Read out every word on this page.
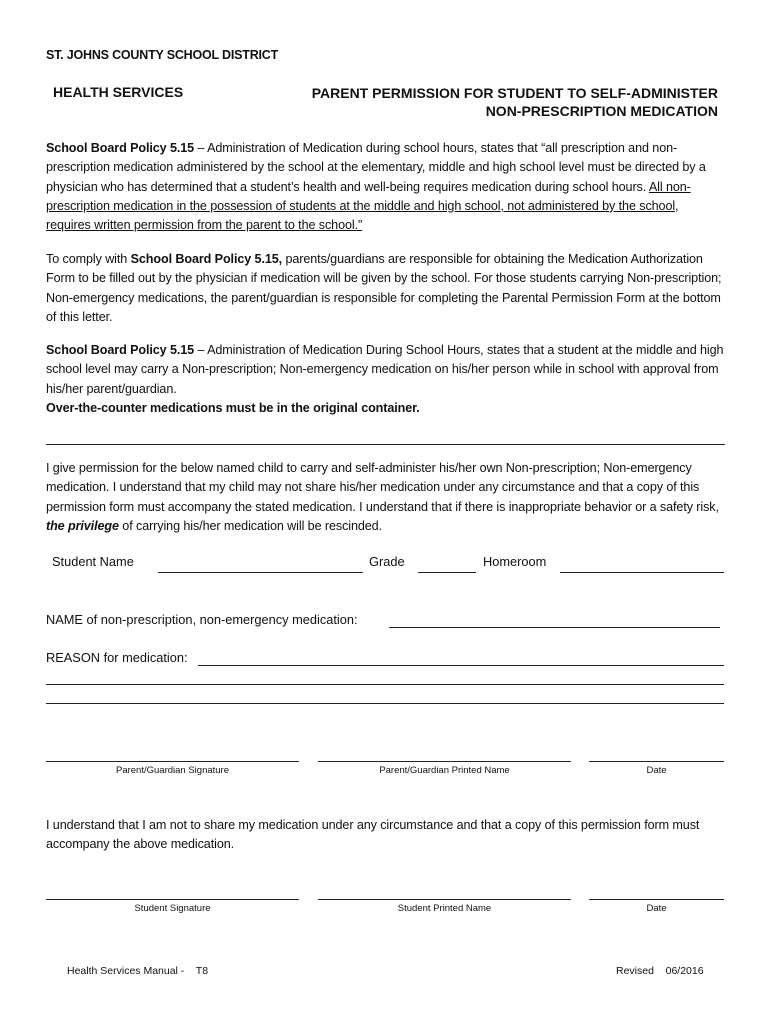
ST. JOHNS COUNTY SCHOOL DISTRICT
HEALTH SERVICES	PARENT PERMISSION FOR STUDENT TO SELF-ADMINISTER
NON-PRESCRIPTION MEDICATION
School Board Policy 5.15 – Administration of Medication during school hours, states that “all prescription and non-prescription medication administered by the school at the elementary, middle and high school level must be directed by a physician who has determined that a student’s health and well-being requires medication during school hours. All non-prescription medication in the possession of students at the middle and high school, not administered by the school, requires written permission from the parent to the school.”
To comply with School Board Policy 5.15, parents/guardians are responsible for obtaining the Medication Authorization Form to be filled out by the physician if medication will be given by the school. For those students carrying Non-prescription; Non-emergency medications, the parent/guardian is responsible for completing the Parental Permission Form at the bottom of this letter.
School Board Policy 5.15 – Administration of Medication During School Hours, states that a student at the middle and high school level may carry a Non-prescription; Non-emergency medication on his/her person while in school with approval from his/her parent/guardian.
Over-the-counter medications must be in the original container.
I give permission for the below named child to carry and self-administer his/her own Non-prescription; Non-emergency medication. I understand that my child may not share his/her medication under any circumstance and that a copy of this permission form must accompany the stated medication. I understand that if there is inappropriate behavior or a safety risk, the privilege of carrying his/her medication will be rescinded.
Student Name	Grade	Homeroom
NAME of non-prescription, non-emergency medication:
REASON for medication:
Parent/Guardian Signature	Parent/Guardian Printed Name	Date
I understand that I am not to share my medication under any circumstance and that a copy of this permission form must accompany the above medication.
Student Signature	Student Printed Name	Date
Health Services Manual -    T8	Revised    06/2016
